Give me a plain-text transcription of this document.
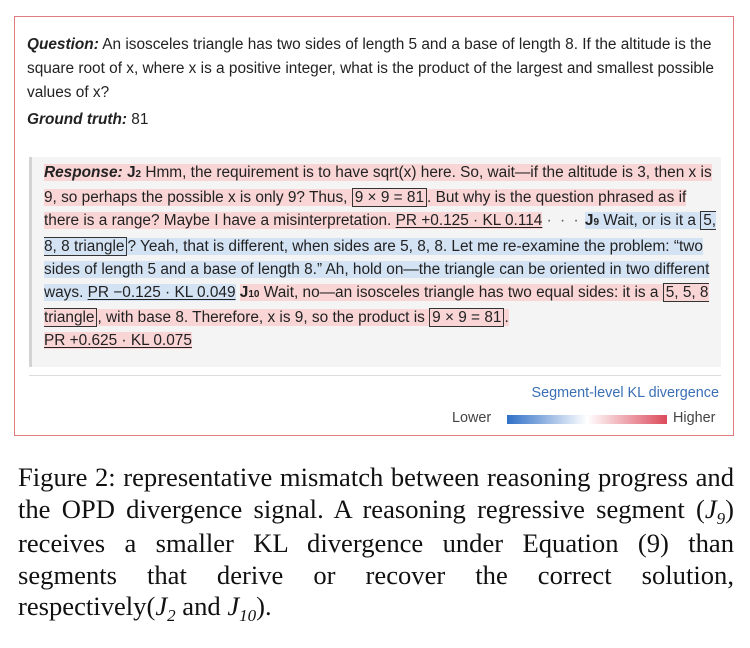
Question: An isosceles triangle has two sides of length 5 and a base of length 8. If the altitude is the square root of x, where x is a positive integer, what is the product of the largest and smallest possible values of x?
Ground truth: 81
Response: J2 Hmm, the requirement is to have sqrt(x) here. So, wait—if the altitude is 3, then x is 9, so perhaps the possible x is only 9? Thus, 9 × 9 = 81 . But why is the question phrased as if there is a range? Maybe I have a misinterpretation. PR +0.125 · KL 0.114 · · · J9 Wait, or is it a 5, 8, 8 triangle ? Yeah, that is different, when sides are 5, 8, 8. Let me re-examine the problem: “two sides of length 5 and a base of length 8.” Ah, hold on—the triangle can be oriented in two different ways. PR −0.125 · KL 0.049 J10 Wait, no—an isosceles triangle has two equal sides: it is a 5, 5, 8 triangle , with base 8. Therefore, x is 9, so the product is 9 × 9 = 81 .
PR +0.625 · KL 0.075
Segment-level KL divergence
Lower	Higher
Figure 2: representative mismatch between reasoning progress and the OPD divergence signal. A reasoning regressive segment $(J_9)$ receives a smaller KL divergence under Equation (9) than segments that derive or recover the correct solution, $respectively(J_2$ and $J_{10}$).
